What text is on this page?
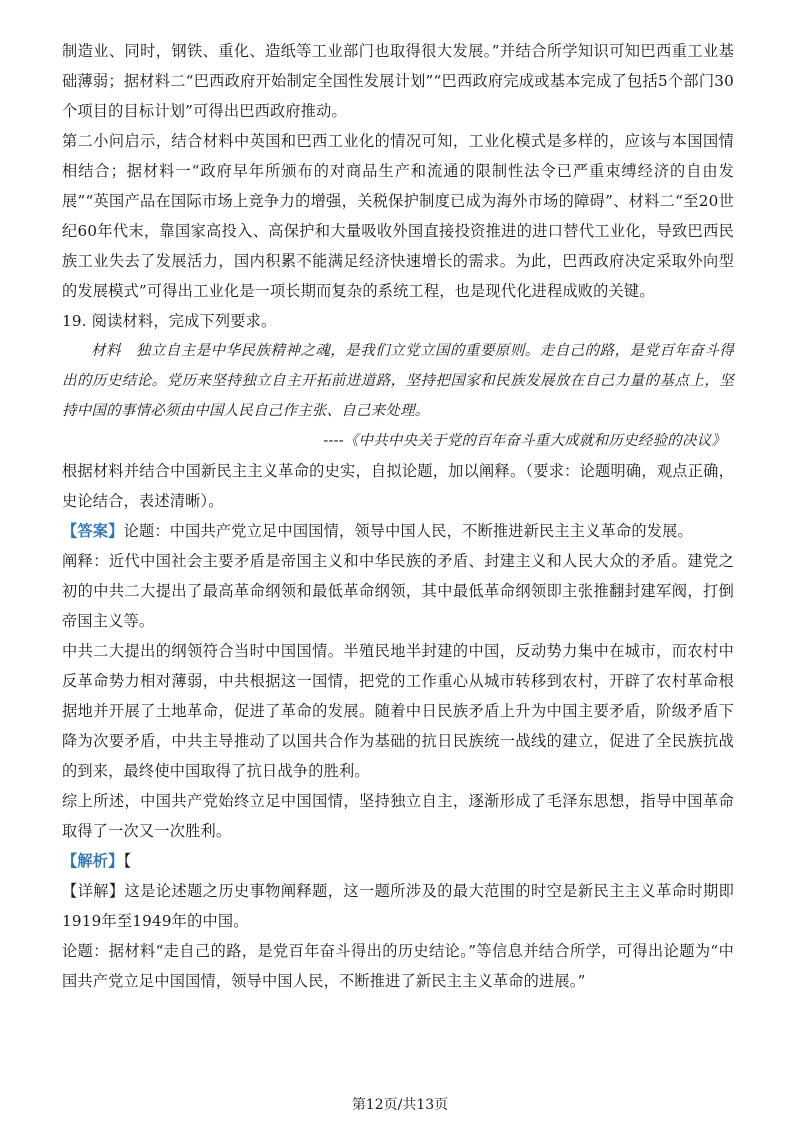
制造业、同时，钢铁、重化、造纸等工业部门也取得很大发展。”并结合所学知识可知巴西重工业基础薄弱；据材料二“巴西政府开始制定全国性发展计划”“巴西政府完成或基本完成了包括5个部门30个项目的目标计划”可得出巴西政府推动。

第二小问启示，结合材料中英国和巴西工业化的情况可知，工业化模式是多样的，应该与本国国情相结合；据材料一“政府早年所颁布的对商品生产和流通的限制性法令已严重束缚经济的自由发展”“英国产品在国际市场上竞争力的增强，关税保护制度已成为海外市场的障碍”、材料二“至20世纪60年代末，靠国家高投入、高保护和大量吸收外国直接投资推进的进口替代工业化，导致巴西民族工业失去了发展活力，国内积累不能满足经济快速增长的需求。为此，巴西政府决定采取外向型的发展模式”可得出工业化是一项长期而复杂的系统工程，也是现代化进程成败的关键。

19. 阅读材料，完成下列要求。

材料　独立自主是中华民族精神之魂，是我们立党立国的重要原则。走自己的路，是党百年奋斗得出的历史结论。党历来坚持独立自主开拓前进道路，坚持把国家和民族发展放在自己力量的基点上，坚持中国的事情必须由中国人民自己作主张、自己来处理。

----《中共中央关于党的百年奋斗重大成就和历史经验的决议》

根据材料并结合中国新民主主义革命的史实，自拟论题，加以阐释。（要求：论题明确，观点正确，史论结合，表述清晰）。

【答案】论题：中国共产党立足中国国情，领导中国人民，不断推进新民主主义革命的发展。

阐释：近代中国社会主要矛盾是帝国主义和中华民族的矛盾、封建主义和人民大众的矛盾。建党之初的中共二大提出了最高革命纲领和最低革命纲领，其中最低革命纲领即主张推翻封建军阀，打倒帝国主义等。

中共二大提出的纲领符合当时中国国情。半殖民地半封建的中国，反动势力集中在城市，而农村中反革命势力相对薄弱，中共根据这一国情，把党的工作重心从城市转移到农村，开辟了农村革命根据地并开展了土地革命，促进了革命的发展。随着中日民族矛盾上升为中国主要矛盾，阶级矛盾下降为次要矛盾，中共主导推动了以国共合作为基础的抗日民族统一战线的建立，促进了全民族抗战的到来，最终使中国取得了抗日战争的胜利。

综上所述，中国共产党始终立足中国国情，坚持独立自主，逐渐形成了毛泽东思想，指导中国革命取得了一次又一次胜利。

【解析】【

【详解】这是论述题之历史事物阐释题，这一题所涉及的最大范围的时空是新民主主义革命时期即1919年至1949年的中国。

论题：据材料“走自己的路，是党百年奋斗得出的历史结论。”等信息并结合所学，可得出论题为“中国共产党立足中国国情，领导中国人民，不断推进了新民主主义革命的进展。”

第12页/共13页
